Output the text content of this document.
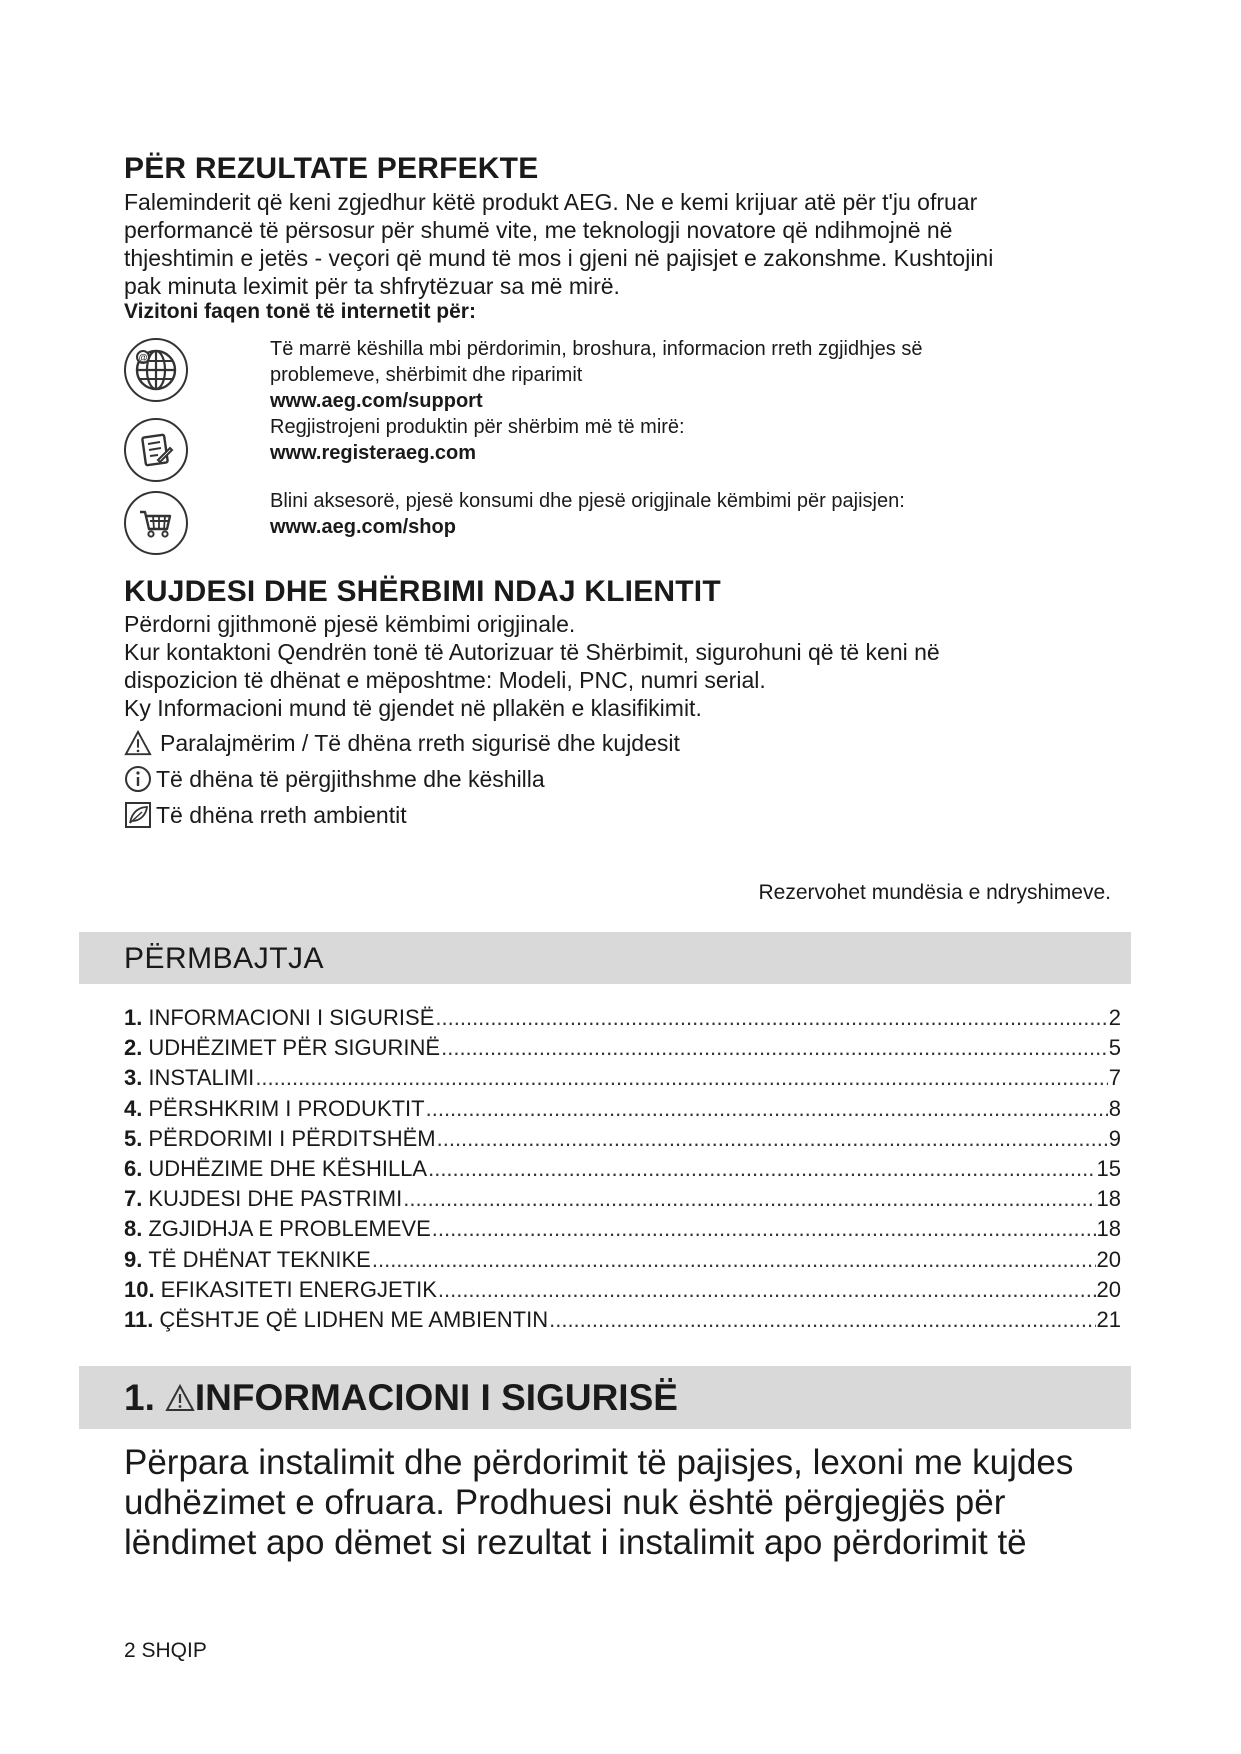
PËR REZULTATE PERFEKTE

Faleminderit që keni zgjedhur këtë produkt AEG. Ne e kemi krijuar atë për t'ju ofruar

performancë të përsosur për shumë vite, me teknologji novatore që ndihmojnë në

thjeshtimin e jetës - veçori që mund të mos i gjeni në pajisjet e zakonshme. Kushtojini

pak minuta leximit për ta shfrytëzuar sa më mirë.

Vizitoni faqen tonë të internetit për:
@	Të marrë këshilla mbi përdorimin, broshura, informacion rreth zgjidhjes së
problemeve, shërbimit dhe riparimit
www.aeg.com/support
Regjistrojeni produktin për shërbim më të mirë:
www.registeraeg.com
Blini aksesorë, pjesë konsumi dhe pjesë origjinale këmbimi për pajisjen:
www.aeg.com/shop
KUJDESI DHE SHËRBIMI NDAJ KLIENTIT

Përdorni gjithmonë pjesë këmbimi origjinale.

Kur kontaktoni Qendrën tonë të Autorizuar të Shërbimit, sigurohuni që të keni në

dispozicion të dhënat e mëposhtme: Modeli, PNC, numri serial.

Ky Informacioni mund të gjendet në pllakën e klasifikimit.

Paralajmërim / Të dhëna rreth sigurisë dhe kujdesit
Të dhëna të përgjithshme dhe këshilla
Të dhëna rreth ambientit
Rezervohet mundësia e ndryshimeve.
PËRMBAJTJA
1. INFORMACIONI I SIGURISË .....	2
2. UDHËZIMET PËR SIGURINË .....	5
3. INSTALIMI .....	7
4. PËRSHKRIM I PRODUKTIT .....	8
5. PËRDORIMI I PËRDITSHËM .....	9
6. UDHËZIME DHE KËSHILLA .....	15
7. KUJDESI DHE PASTRIMI .....	18
8. ZGJIDHJA E PROBLEMEVE .....	18
9. TË DHËNAT TEKNIKE .....	20
10. EFIKASITETI ENERGJETIK .....	20
11. ÇËSHTJE QË LIDHEN ME AMBIENTIN .....	21
1. INFORMACIONI I SIGURISË
Përpara instalimit dhe përdorimit të pajisjes, lexoni me kujdes
udhëzimet e ofruara. Prodhuesi nuk është përgjegjës për
lëndimet apo dëmet si rezultat i instalimit apo përdorimit të
2 SHQIP
